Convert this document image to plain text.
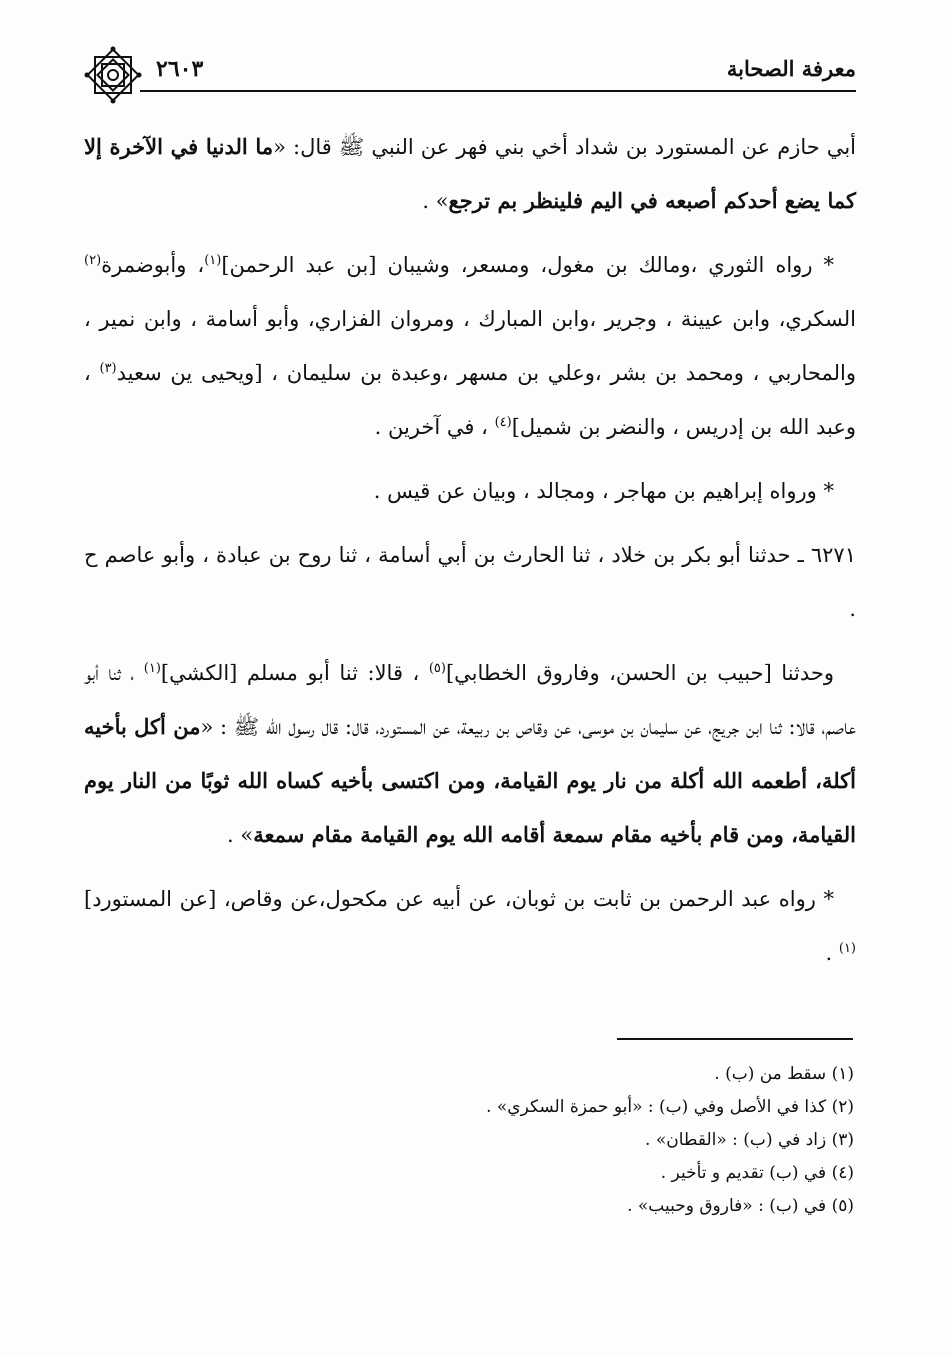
٢٦٠٣	معرفة الصحابة

أبي حازم عن المستورد بن شداد أخي بني فهر عن النبي ﷺ قال: «ما الدنيا في الآخرة إلا كما يضع أحدكم أصبعه في اليم فلينظر بم ترجع» .

* رواه الثوري ،ومالك بن مغول، ومسعر، وشيبان [بن عبد الرحمن]$^{(١)}$، وأبوضمرة$^{(٢)}$ السكري، وابن عيينة ، وجرير ،وابن المبارك ، ومروان الفزاري، وأبو أسامة ، وابن نمير ، والمحاربي ، ومحمد بن بشر ،وعلي بن مسهر ،وعبدة بن سليمان ، [ويحيى ين سعيد$^{(٣)}$ ، وعبد الله بن إدريس ، والنضر بن شميل]$^{(٤)}$ ، في آخرين .

* ورواه إبراهيم بن مهاجر ، ومجالد ، وبيان عن قيس .

٦٢٧١ ـ حدثنا أبو بكر بن خلاد ، ثنا الحارث بن أبي أسامة ، ثنا روح بن عبادة ، وأبو عاصم ح .

وحدثنا [حبيب بن الحسن، وفاروق الخطابي]$^{(٥)}$ ، قالا: ثنا أبو مسلم [الكشي]$^{(١)}$ ، ثنا أبو عاصم، قالا: ثنا ابن جريج، عن سليمان بن موسى، عن وقاص بن ربيعة، عن المستورد، قال: قال رسول الله ﷺ : «من أكل بأخيه أكلة، أطعمه الله أكلة من نار يوم القيامة، ومن اكتسى بأخيه كساه الله ثوبًا من النار يوم القيامة، ومن قام بأخيه مقام سمعة أقامه الله يوم القيامة مقام سمعة» .

* رواه عبد الرحمن بن ثابت بن ثوبان، عن أبيه عن مكحول،عن وقاص، [عن المستورد]$^{(١)}$ .

(١) سقط من (ب) .
(٢) كذا في الأصل وفي (ب) : «أبو حمزة السكري» .
(٣) زاد في (ب) : «القطان» .
(٤) في (ب) تقديم و تأخير .
(٥) في (ب) : «فاروق وحبيب» .
